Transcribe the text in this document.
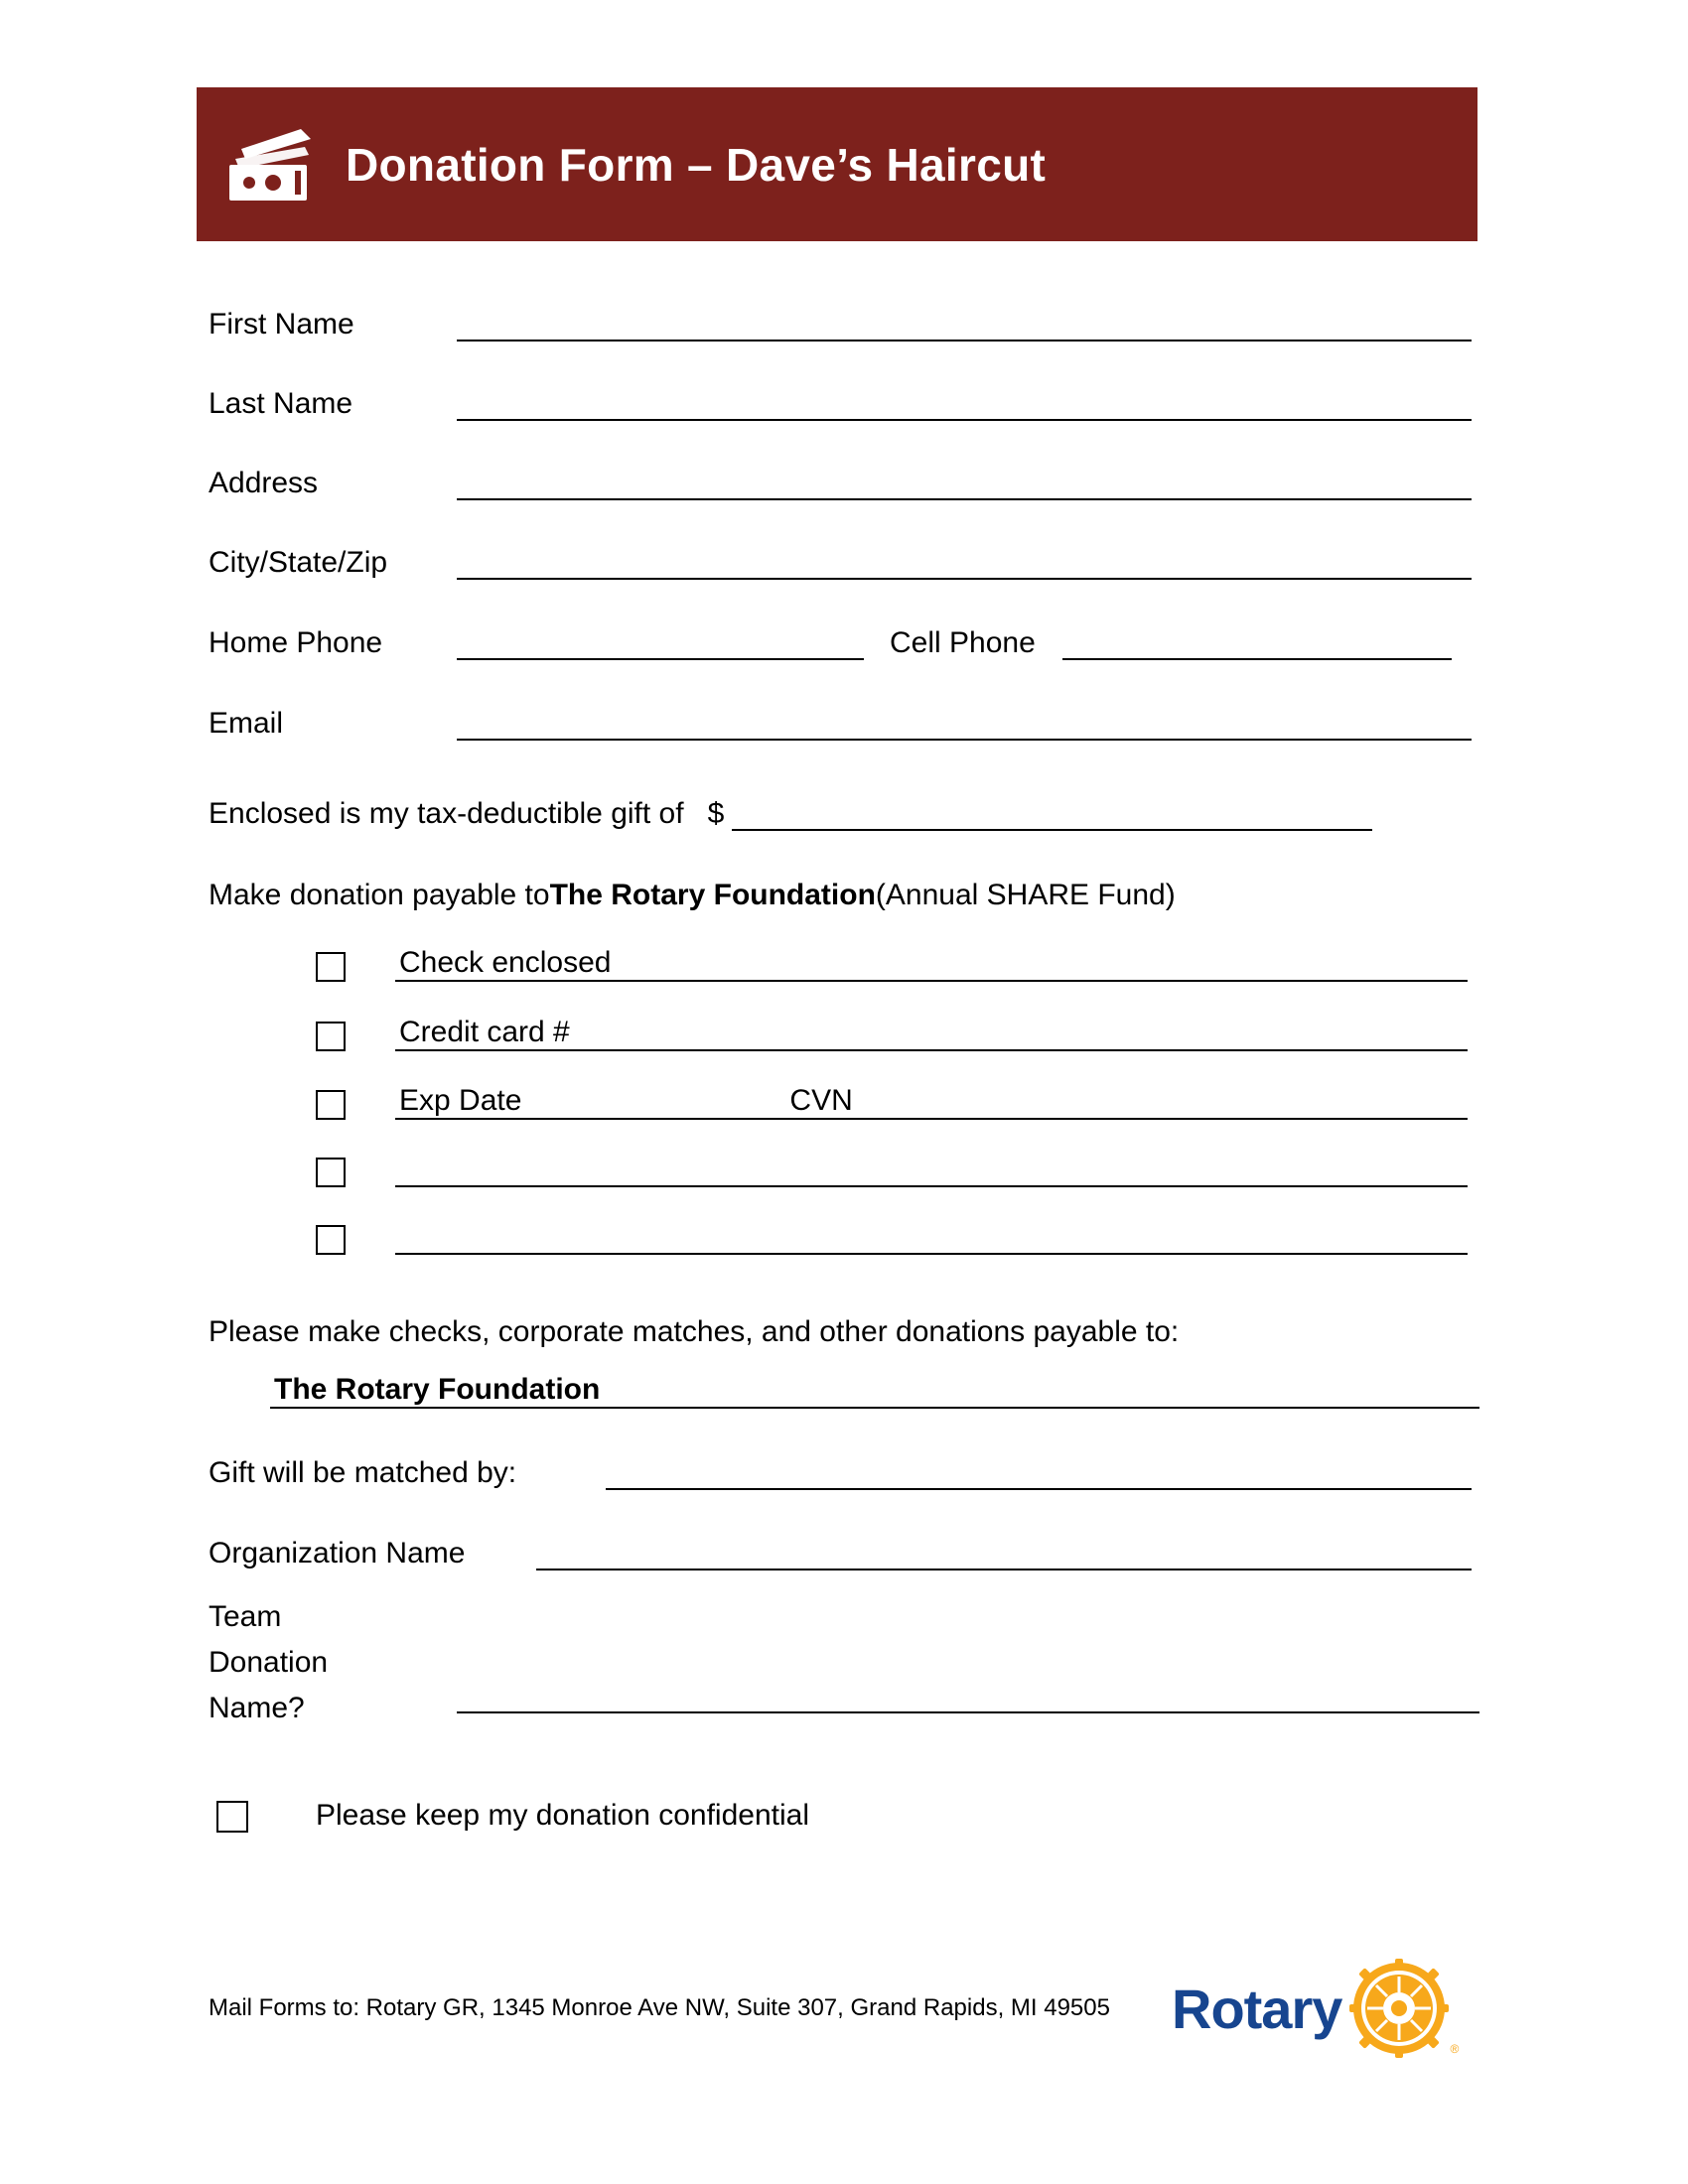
Donation Form – Dave’s Haircut
First Name
Last Name
Address
City/State/Zip
Home Phone	Cell Phone
Email
Enclosed is my tax-deductible gift of $
Make donation payable to The Rotary Foundation (Annual SHARE Fund)
Check enclosed
Credit card #
Exp Date	CVN
Please make checks, corporate matches, and other donations payable to:
The Rotary Foundation
Gift will be matched by:
Organization Name
Team
Donation
Name?
Please keep my donation confidential
Mail Forms to: Rotary GR, 1345 Monroe Ave NW, Suite 307, Grand Rapids, MI 49505 Rotary
®
